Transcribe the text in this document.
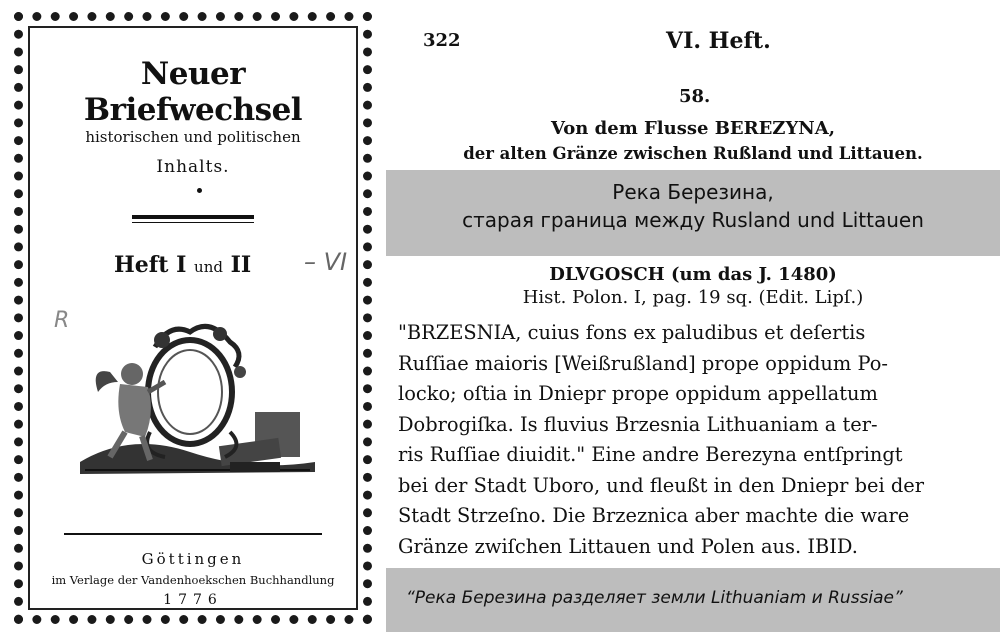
Neuer Briefwechsel
historischen und politischen
Inhalts.
Heft I und II – VI
R
Göttingen
im Verlage der Vandenhoekschen Buchhandlung
1776
322	VI. Heft.
58.
Von dem Flusse BEREZYNA,
der alten Gränze zwischen Rußland und Littauen.
Река Березина,
старая граница между Rusland und Littauen
DLVGOSCH (um das J. 1480)
Hist. Polon. I, pag. 19 sq. (Edit. Lipſ.)
"BRZESNIA, cuius fons ex paludibus et deſertis
Ruſſiae maioris [Weißrußland] prope oppidum Po-
locko; oſtia in Dniepr prope oppidum appellatum
Dobrogiſka. Is fluvius Brzesnia Lithuaniam a ter-
ris Ruſſiae diuidit." Eine andre Berezyna entſpringt
bei der Stadt Uboro, und fleußt in den Dniepr bei der
Stadt Strzeſno. Die Brzeznica aber machte die ware
Gränze zwiſchen Littauen und Polen aus. IBID.
“Река Березина разделяет земли Lithuaniam и Russiae”
